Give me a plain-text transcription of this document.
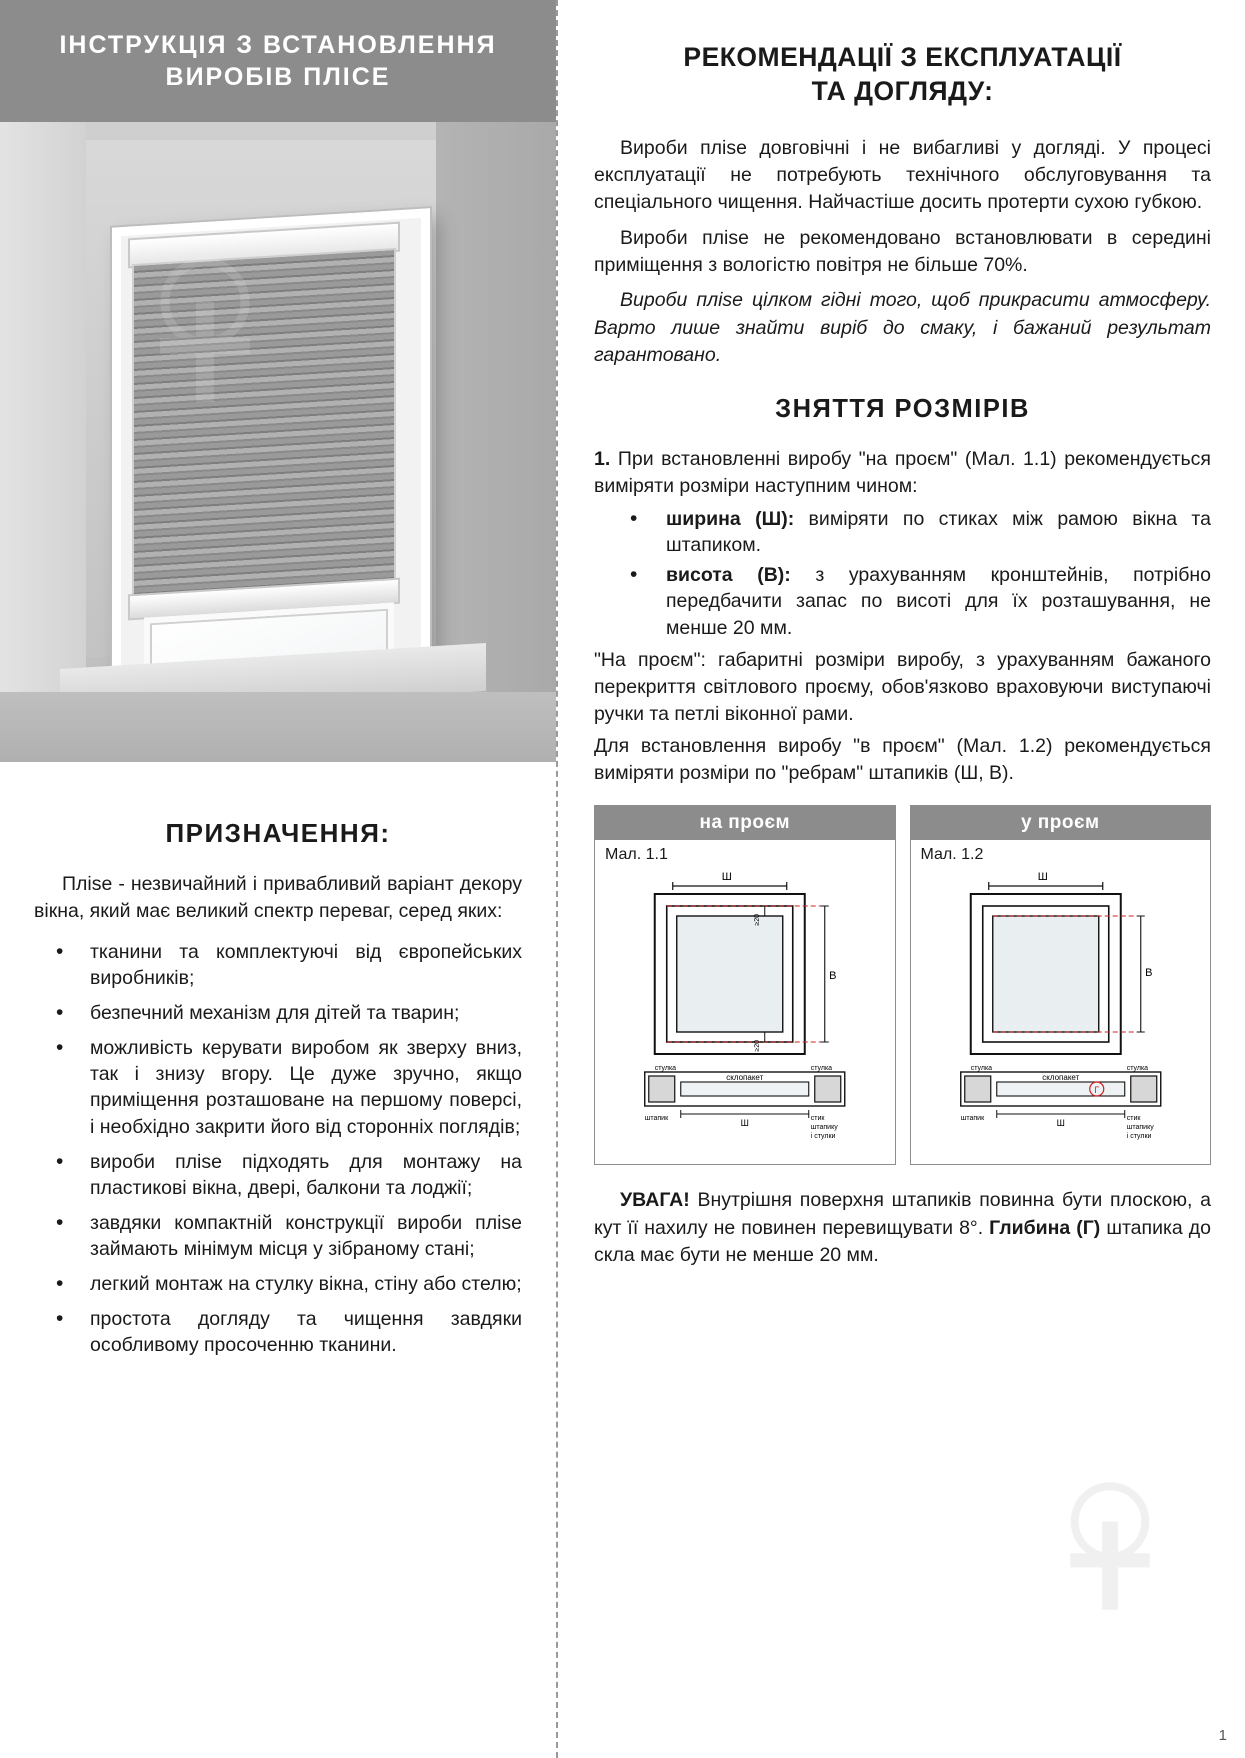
ІНСТРУКЦІЯ З ВСТАНОВЛЕННЯ
ВИРОБІВ ПЛІСЕ
ПРИЗНАЧЕННЯ:

Пліse - незвичайний і привабливий варіант декору вікна, який має великий спектр переваг, серед яких:

• тканини та комплектуючі від європейських виробників;
• безпечний механізм для дітей та тварин;
• можливість керувати виробом як зверху вниз, так і знизу вгору. Це дуже зручно, якщо приміщення розташоване на першому поверсі, і необхідно закрити його від сторонніх поглядів;
• вироби пліse підходять для монтажу на пластикові вікна, двері, балкони та лоджії;
• завдяки компактній конструкції вироби пліse займають мінімум місця у зібраному стані;
• легкий монтаж на стулку вікна, стіну або стелю;
• простота догляду та чищення завдяки особливому просоченню тканини.
РЕКОМЕНДАЦІЇ З ЕКСПЛУАТАЦІЇ
ТА ДОГЛЯДУ:

Вироби пліse довговічні і не вибагливі у догляді. У процесі експлуатації не потребують технічного обслуговування та спеціального чищення. Найчастіше досить протерти сухою губкою.

Вироби пліse не рекомендовано встановлювати в середині приміщення з вологістю повітря не більше 70%.

Вироби пліse цілком гідні того, щоб прикрасити атмосферу. Варто лише знайти виріб до смаку, і бажаний результат гарантовано.

ЗНЯТТЯ РОЗМІРІВ

1. При встановленні виробу "на проєм" (Мал. 1.1) рекомендується виміряти розміри наступним чином:

• ширина (Ш): виміряти по стиках між рамою вікна та штапиком.
• висота (В): з урахуванням кронштейнів, потрібно передбачити запас по висоті для їх розташування, не менше 20 мм.

"На проєм": габаритні розміри виробу, з урахуванням бажаного перекриття світлового проєму, обов'язково враховуючи виступаючі ручки та петлі віконної рами.

Для встановлення виробу "в проєм" (Мал. 1.2) рекомендується виміряти розміри по "ребрам" штапиків (Ш, В).

на проєм
Мал. 1.1
Ш
В
≥20
≥20
склопакет
стулка	стулка
штапик	Ш	стик
штапику
і стулки
у проєм
Мал. 1.2
Ш
В
склопакет
стулка	стулка
штапик
Г
Ш	стик
штапику
і стулки

УВАГА! Внутрішня поверхня штапиків повинна бути плоскою, а кут її нахилу не повинен перевищувати 8°. Глибина (Г) штапика до скла має бути не менше 20 мм.

1
